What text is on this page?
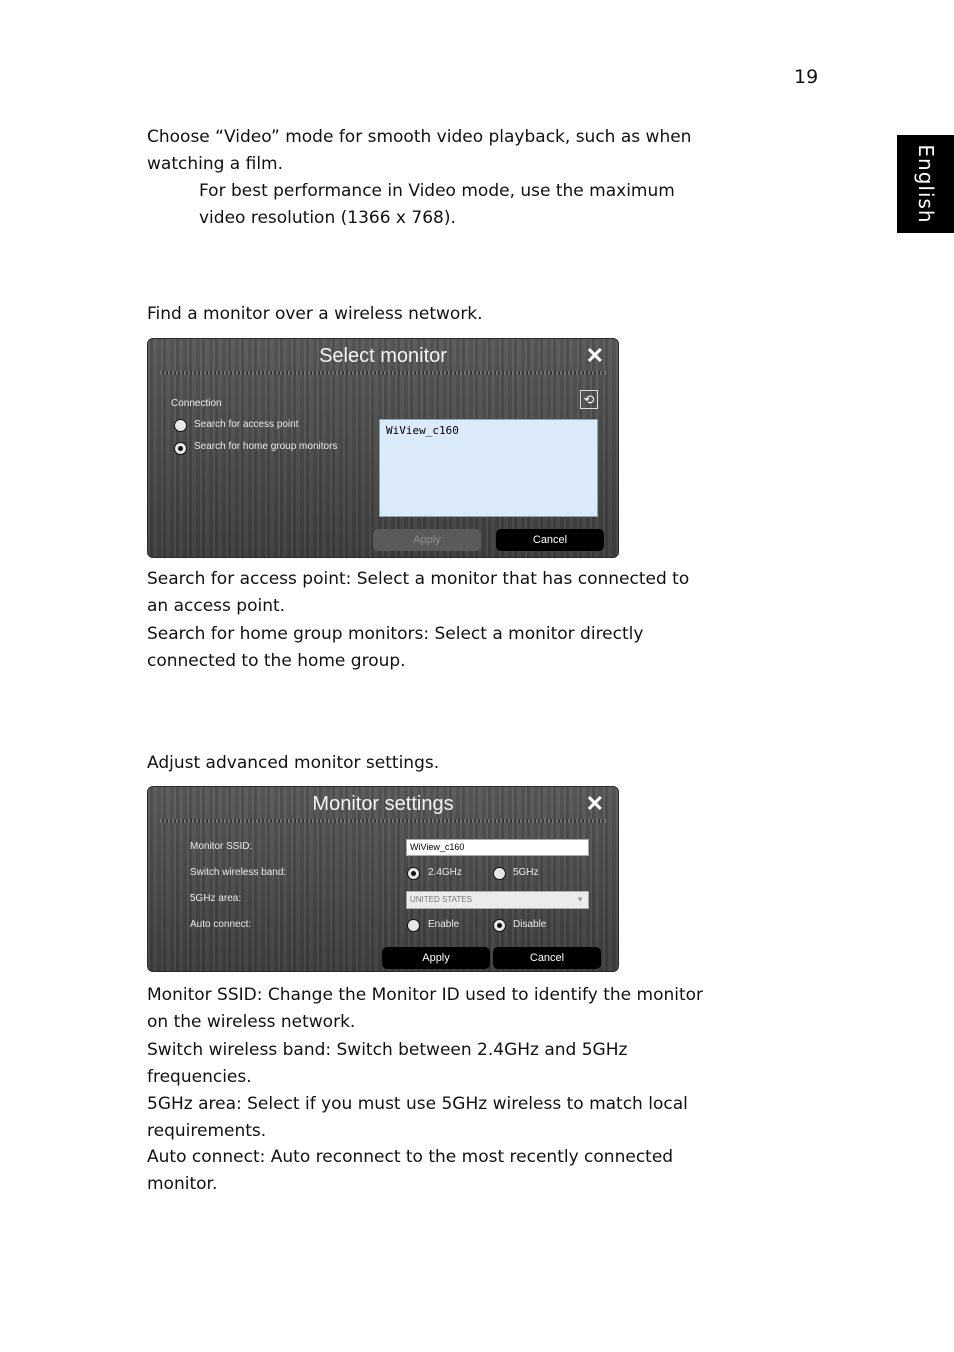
19
English

Choose “Video” mode for smooth video playback, such as when watching a film.

For best performance in Video mode, use the maximum video resolution (1366 x 768).

Find a monitor over a wireless network.

Select monitor	✕
Connection
Search for access point
Search for home group monitors
⟲
WiView_c160
Apply	Cancel

Search for access point: Select a monitor that has connected to an access point.

Search for home group monitors: Select a monitor directly connected to the home group.

Adjust advanced monitor settings.

Monitor settings	✕
Monitor SSID:	WiView_c160
Switch wireless band:	2.4GHz	5GHz
5GHz area:	UNITED STATES	▼
Auto connect:	Enable	Disable
Apply	Cancel

Monitor SSID: Change the Monitor ID used to identify the monitor on the wireless network.

Switch wireless band: Switch between 2.4GHz and 5GHz frequencies.

5GHz area: Select if you must use 5GHz wireless to match local requirements.

Auto connect: Auto reconnect to the most recently connected monitor.
